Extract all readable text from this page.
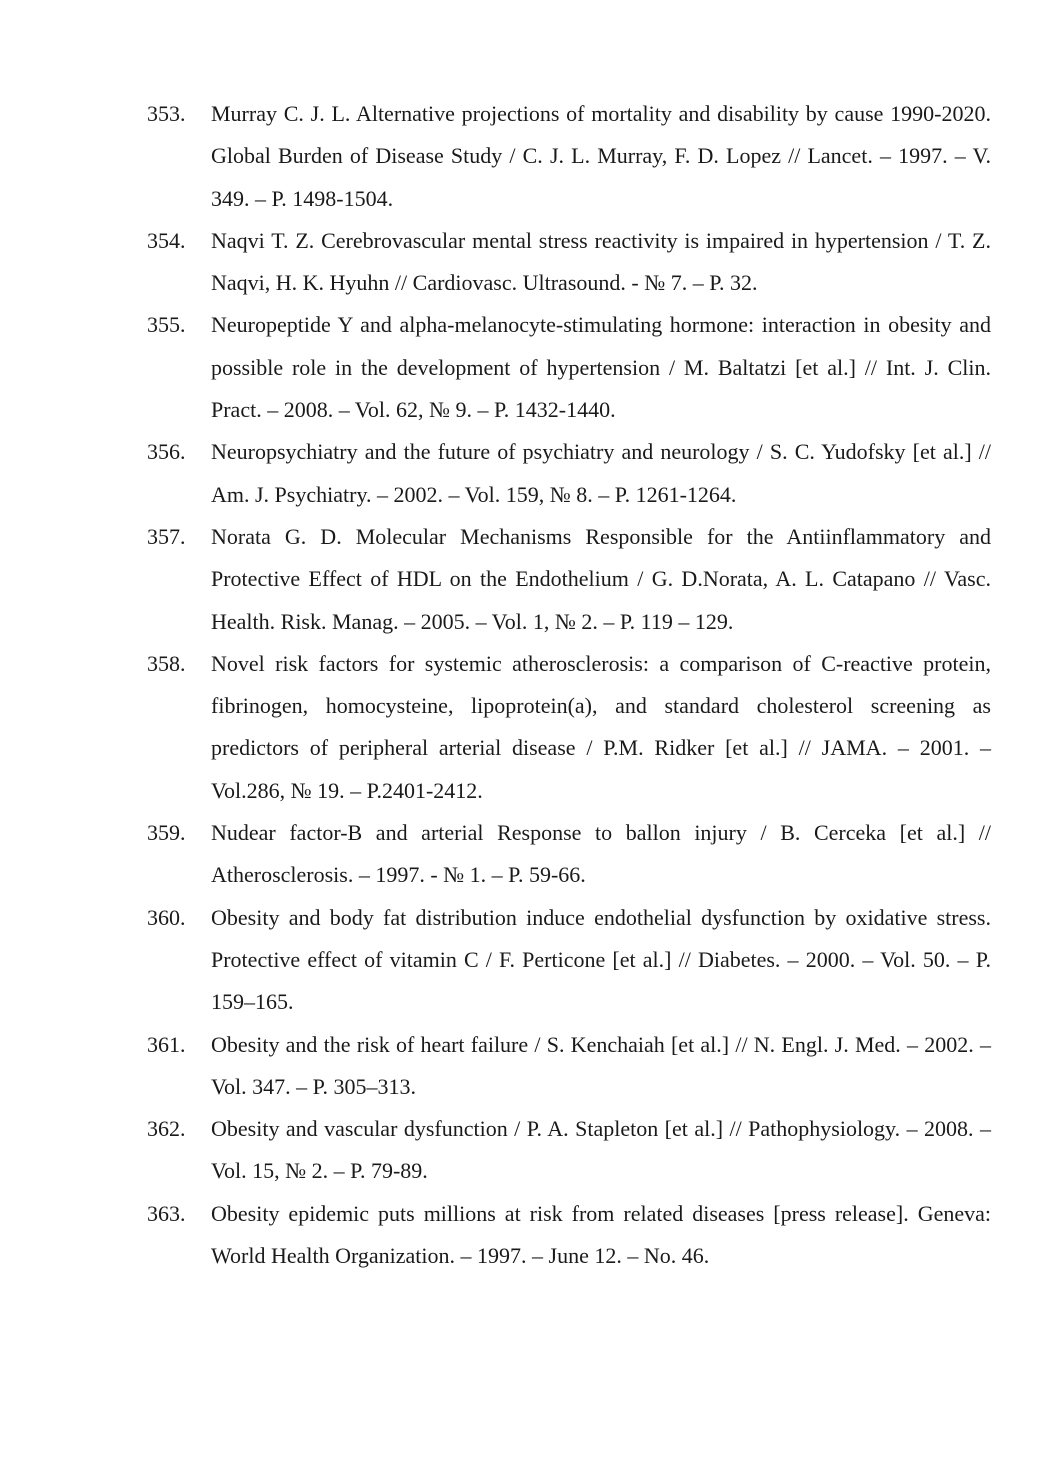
353.	Murray C. J. L. Alternative projections of mortality and disability by cause 1990-2020. Global Burden of Disease Study / C. J. L. Murray, F. D. Lopez // Lancet. – 1997. – V. 349. – P. 1498-1504.
354.	Naqvi T. Z. Cerebrovascular mental stress reactivity is impaired in hypertension / T. Z. Naqvi, H. K. Hyuhn // Cardiovasc. Ultrasound. - № 7. – P. 32.
355.	Neuropeptide Y and alpha-melanocyte-stimulating hormone: interaction in obesity and possible role in the development of hypertension / M. Baltatzi [et al.] // Int. J. Clin. Pract. – 2008. – Vol. 62, № 9. – P. 1432-1440.
356.	Neuropsychiatry and the future of psychiatry and neurology / S. C. Yudofsky [et al.] // Am. J. Psychiatry. – 2002. – Vol. 159, № 8. – P. 1261-1264.
357.	Norata G. D. Molecular Mechanisms Responsible for the Antiinflammatory and Protective Effect of HDL on the Endothelium / G. D.Norata, A. L. Catapano // Vasc. Health. Risk. Manag. – 2005. – Vol. 1, № 2. – P. 119 – 129.
358.	Novel risk factors for systemic atherosclerosis: a comparison of C-reactive protein, fibrinogen, homocysteine, lipoprotein(a), and standard cholesterol screening as predictors of peripheral arterial disease / P.M. Ridker [et al.] // JAMA. – 2001. – Vol.286, № 19. – P.2401-2412.
359.	Nudear factor-B and arterial Response to ballon injury / B. Cerceka [et al.] // Atherosclerosis. – 1997. - № 1. – P. 59-66.
360.	Obesity and body fat distribution induce endothelial dysfunction by oxidative stress. Protective effect of vitamin C / F. Perticone [et al.] // Diabetes. – 2000. – Vol. 50. – P. 159–165.
361.	Obesity and the risk of heart failure / S. Kenchaiah [et al.] // N. Engl. J. Med. – 2002. – Vol. 347. – P. 305–313.
362.	Obesity and vascular dysfunction / P. A. Stapleton [et al.] // Pathophysiology. – 2008. – Vol. 15, № 2. – P. 79-89.
363.	Obesity epidemic puts millions at risk from related diseases [press release]. Geneva: World Health Organization. – 1997. – June 12. – No. 46.
